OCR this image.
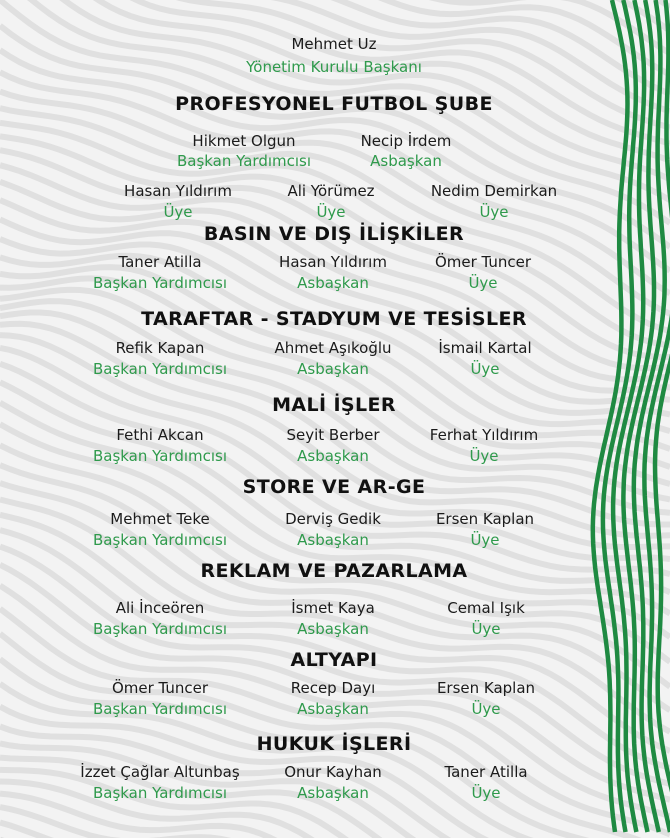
Mehmet Uz
Yönetim Kurulu Başkanı
PROFESYONEL FUTBOL ŞUBE
Hikmet Olgun
Başkan Yardımcısı
Necip İrdem
Asbaşkan
Hasan Yıldırım
Üye
Ali Yörümez
Üye
Nedim Demirkan
Üye
BASIN VE DIŞ İLİŞKİLER
Taner Atilla
Başkan Yardımcısı
Hasan Yıldırım
Asbaşkan
Ömer Tuncer
Üye
TARAFTAR - STADYUM VE TESİSLER
Refik Kapan
Başkan Yardımcısı
Ahmet Aşıkoğlu
Asbaşkan
İsmail Kartal
Üye
MALİ İŞLER
Fethi Akcan
Başkan Yardımcısı
Seyit Berber
Asbaşkan
Ferhat Yıldırım
Üye
STORE VE AR-GE
Mehmet Teke
Başkan Yardımcısı
Derviş Gedik
Asbaşkan
Ersen Kaplan
Üye
REKLAM VE PAZARLAMA
Ali İnceören
Başkan Yardımcısı
İsmet Kaya
Asbaşkan
Cemal Işık
Üye
ALTYAPI
Ömer Tuncer
Başkan Yardımcısı
Recep Dayı
Asbaşkan
Ersen Kaplan
Üye
HUKUK İŞLERİ
İzzet Çağlar Altunbaş
Başkan Yardımcısı
Onur Kayhan
Asbaşkan
Taner Atilla
Üye
